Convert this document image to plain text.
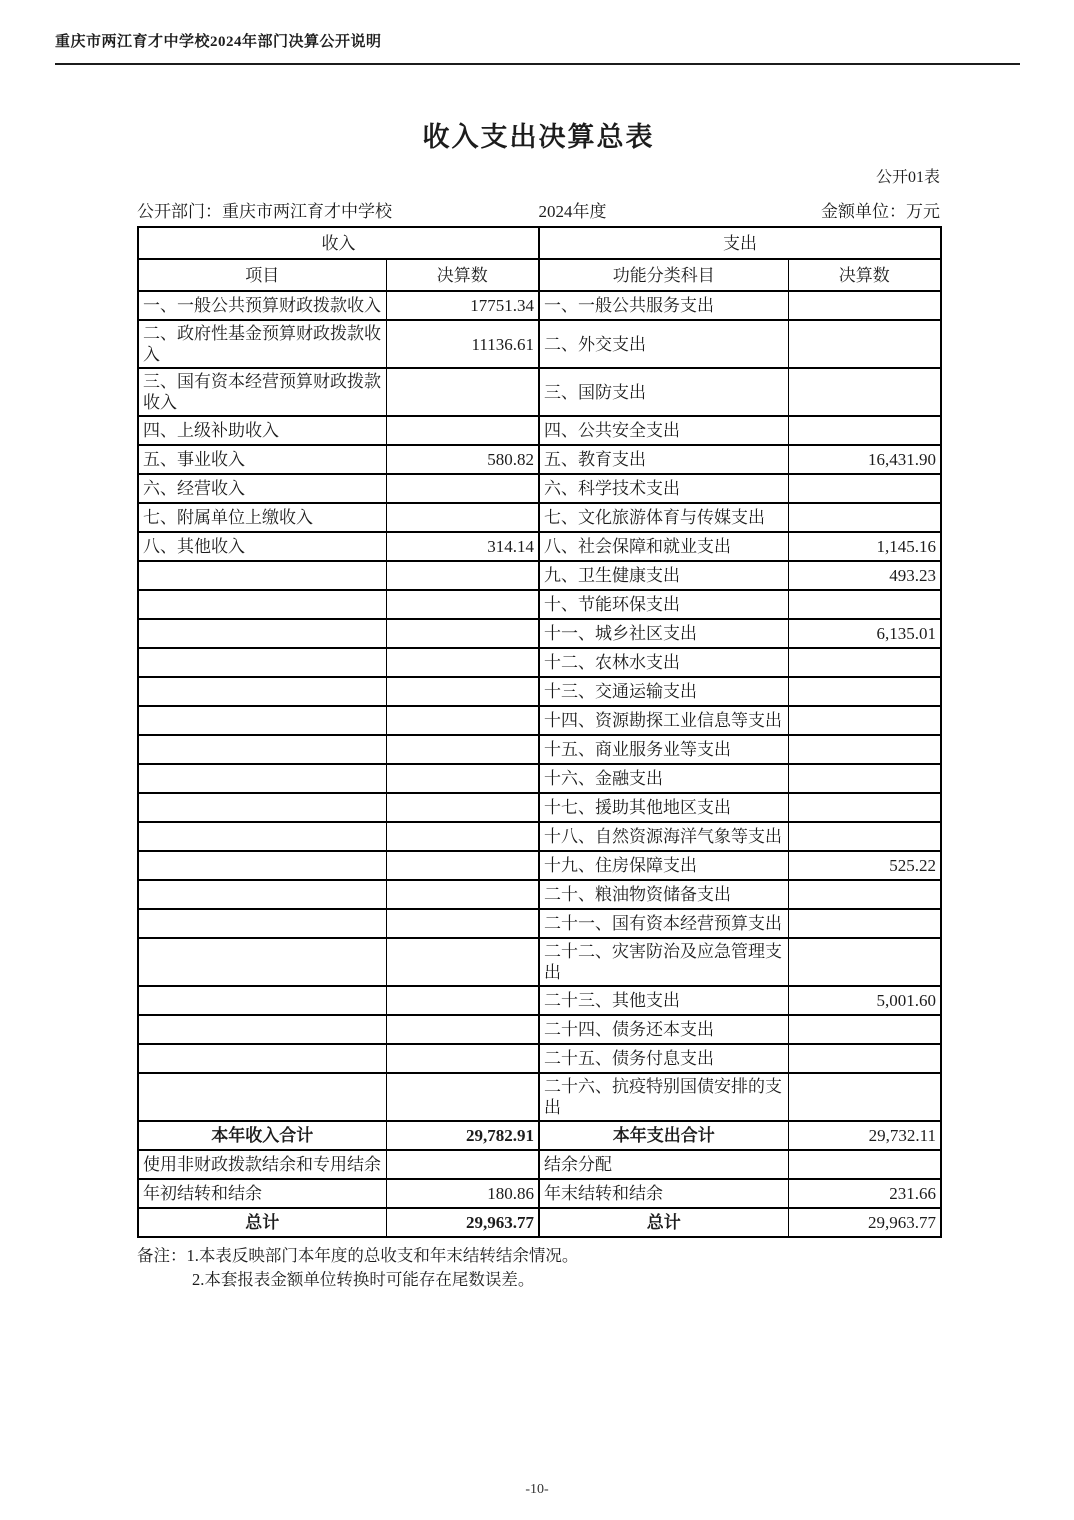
重庆市两江育才中学校2024年部门决算公开说明
收入支出决算总表
公开01表
公开部门：重庆市两江育才中学校	2024年度	金额单位：万元
收入		支出	
项目	决算数	功能分类科目	决算数
一、一般公共预算财政拨款收入	17751.34	一、一般公共服务支出	
二、政府性基金预算财政拨款收入	11136.61	二、外交支出	
三、国有资本经营预算财政拨款收入		三、国防支出	
四、上级补助收入		四、公共安全支出	
五、事业收入	580.82	五、教育支出	16,431.90
六、经营收入		六、科学技术支出	
七、附属单位上缴收入		七、文化旅游体育与传媒支出	
八、其他收入	314.14	八、社会保障和就业支出	1,145.16
		九、卫生健康支出	493.23
		十、节能环保支出	
		十一、城乡社区支出	6,135.01
		十二、农林水支出	
		十三、交通运输支出	
		十四、资源勘探工业信息等支出	
		十五、商业服务业等支出	
		十六、金融支出	
		十七、援助其他地区支出	
		十八、自然资源海洋气象等支出	
		十九、住房保障支出	525.22
		二十、粮油物资储备支出	
		二十一、国有资本经营预算支出	
		二十二、灾害防治及应急管理支出	
		二十三、其他支出	5,001.60
		二十四、债务还本支出	
		二十五、债务付息支出	
		二十六、抗疫特别国债安排的支出	
本年收入合计	29,782.91	本年支出合计	29,732.11
使用非财政拨款结余和专用结余		结余分配	
年初结转和结余	180.86	年末结转和结余	231.66
总计	29,963.77	总计	29,963.77
备注：1.本表反映部门本年度的总收支和年末结转结余情况。
2.本套报表金额单位转换时可能存在尾数误差。
-10-
